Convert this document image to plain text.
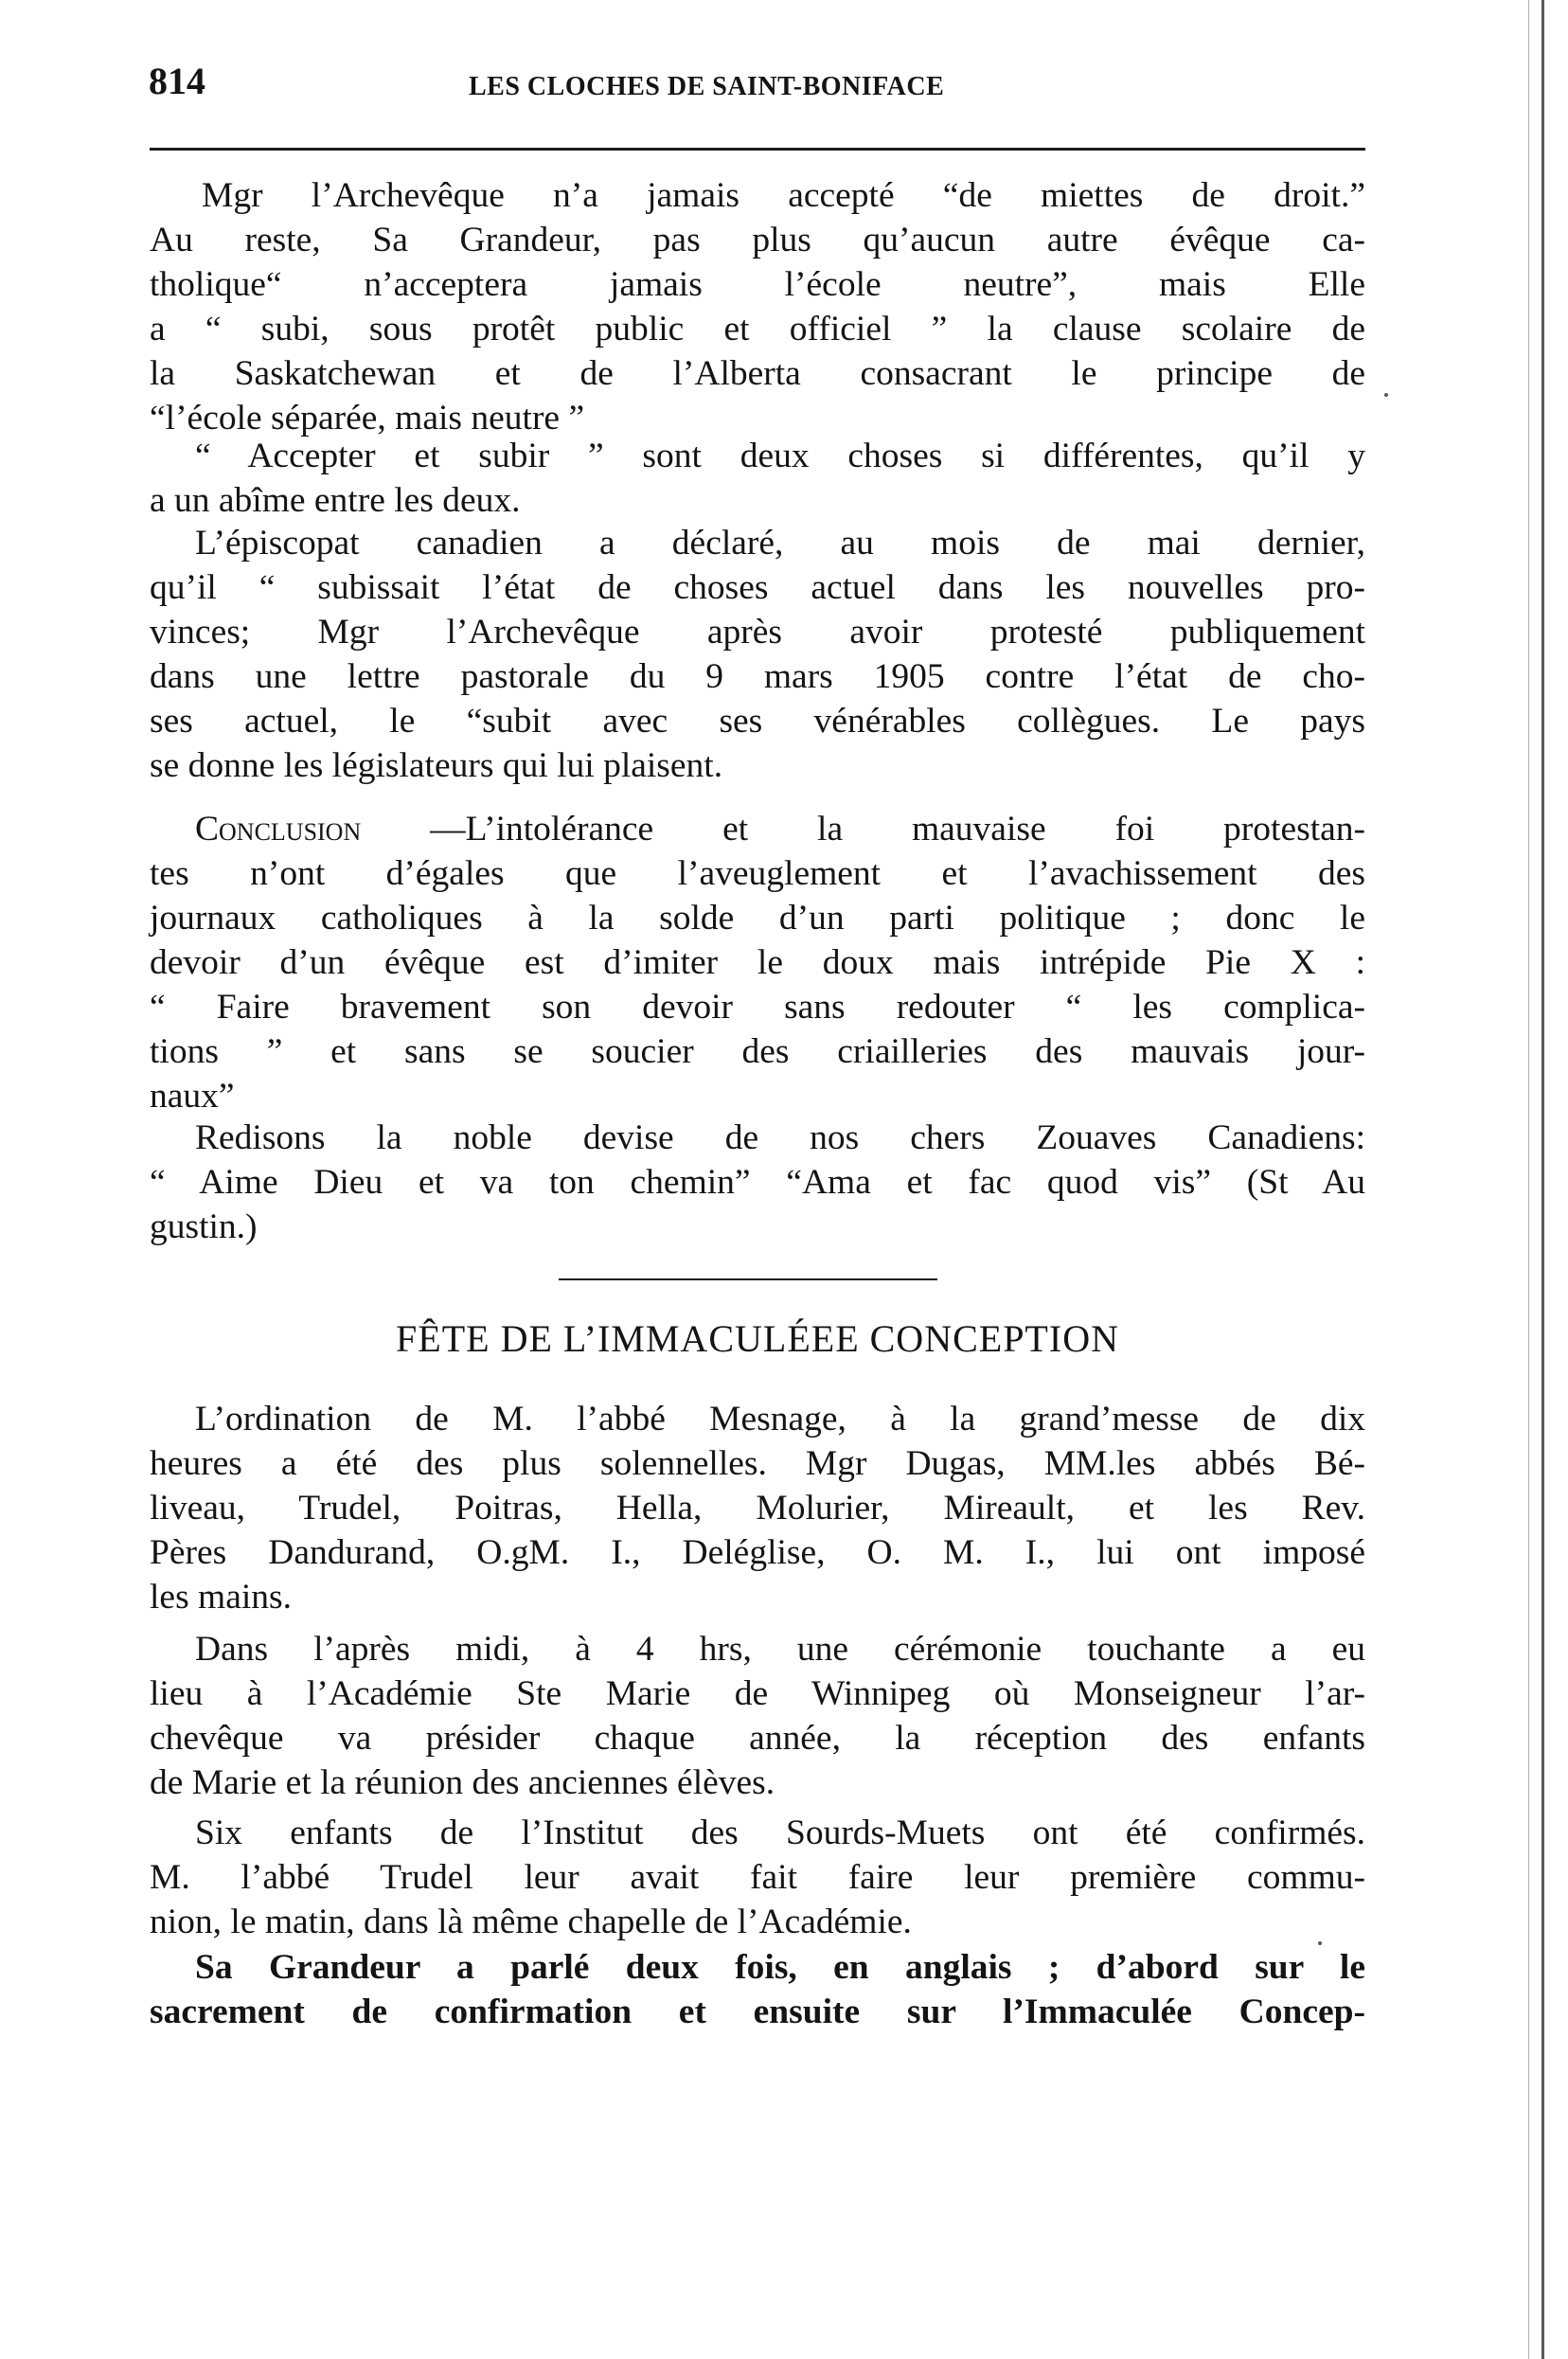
814	LES CLOCHES DE SAINT-BONIFACE
Mgr l’Archevêque n’a jamais accepté “de miettes de droit.”
Au reste, Sa Grandeur, pas plus qu’aucun autre évêque ca-
tholique“ n’acceptera jamais l’école neutre”, mais Elle
a “ subi, sous protêt public et officiel ” la clause scolaire de
la Saskatchewan et de l’Alberta consacrant le principe de
“l’école séparée, mais neutre ”
“ Accepter et subir ” sont deux choses si différentes, qu’il y
a un abîme entre les deux.
L’épiscopat canadien a déclaré, au mois de mai dernier,
qu’il “ subissait l’état de choses actuel dans les nouvelles pro-
vinces; Mgr l’Archevêque après avoir protesté publiquement
dans une lettre pastorale du 9 mars 1905 contre l’état de cho-
ses actuel, le “subit avec ses vénérables collègues. Le pays
se donne les législateurs qui lui plaisent.
Conclusion —L’intolérance et la mauvaise foi protestan-
tes n’ont d’égales que l’aveuglement et l’avachissement des
journaux catholiques à la solde d’un parti politique ; donc le
devoir d’un évêque est d’imiter le doux mais intrépide Pie X :
“ Faire bravement son devoir sans redouter “ les complica-
tions ” et sans se soucier des criailleries des mauvais jour-
naux”
Redisons la noble devise de nos chers Zouaves Canadiens:
“ Aime Dieu et va ton chemin” “Ama et fac quod vis” (St Au
gustin.)
FÊTE DE L’IMMACULÉEE CONCEPTION
L’ordination de M. l’abbé Mesnage, à la grand’messe de dix
heures a été des plus solennelles. Mgr Dugas, MM.les abbés Bé-
liveau, Trudel, Poitras, Hella, Molurier, Mireault, et les Rev.
Pères Dandurand, O.gM. I., Deléglise, O. M. I., lui ont imposé
les mains.
Dans l’après midi, à 4 hrs, une cérémonie touchante a eu
lieu à l’Académie Ste Marie de Winnipeg où Monseigneur l’ar-
chevêque va présider chaque année, la réception des enfants
de Marie et la réunion des anciennes élèves.
Six enfants de l’Institut des Sourds-Muets ont été confirmés.
M. l’abbé Trudel leur avait fait faire leur première commu-
nion, le matin, dans là même chapelle de l’Académie.
Sa Grandeur a parlé deux fois, en anglais ; d’abord sur le
sacrement de confirmation et ensuite sur l’Immaculée Concep-
